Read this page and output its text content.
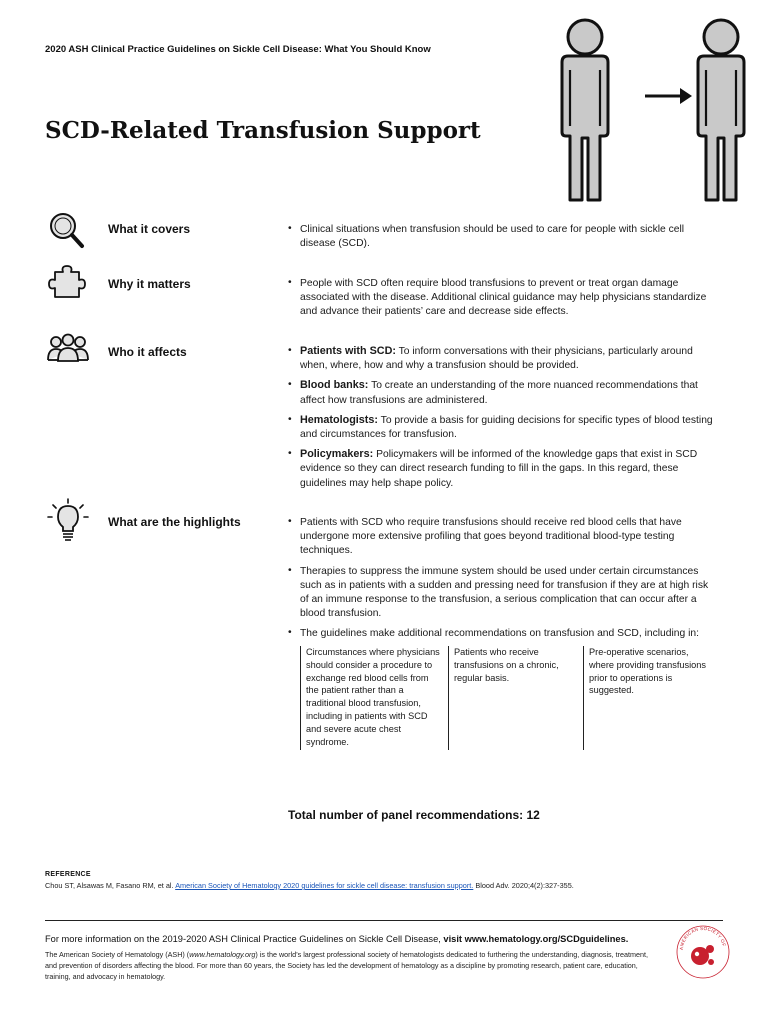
2020 ASH Clinical Practice Guidelines on Sickle Cell Disease: What You Should Know
SCD-Related Transfusion Support
What it covers	• Clinical situations when transfusion should be used to care for people with sickle cell disease (SCD).
Why it matters	• People with SCD often require blood transfusions to prevent or treat organ damage associated with the disease. Additional clinical guidance may help physicians standardize and advance their patients’ care and decrease side effects.
Who it affects	• Patients with SCD: To inform conversations with their physicians, particularly around when, where, how and why a transfusion should be provided.
• Blood banks: To create an understanding of the more nuanced recommendations that affect how transfusions are administered.
• Hematologists: To provide a basis for guiding decisions for specific types of blood testing and circumstances for transfusion.
• Policymakers: Policymakers will be informed of the knowledge gaps that exist in SCD evidence so they can direct research funding to fill in the gaps. In this regard, these guidelines may help shape policy.
What are the highlights	• Patients with SCD who require transfusions should receive red blood cells that have undergone more extensive profiling that goes beyond traditional blood-type testing techniques.
• Therapies to suppress the immune system should be used under certain circumstances such as in patients with a sudden and pressing need for transfusion if they are at high risk of an immune response to the transfusion, a serious complication that can occur after a blood transfusion.
• The guidelines make additional recommendations on transfusion and SCD, including in:
Circumstances where physicians should consider a procedure to exchange red blood cells from the patient rather than a traditional blood transfusion, including in patients with SCD and severe acute chest syndrome.
Patients who receive transfusions on a chronic, regular basis.
Pre-operative scenarios, where providing transfusions prior to operations is suggested.
Total number of panel recommendations: 12
REFERENCE
Chou ST, Alsawas M, Fasano RM, et al. American Society of Hematology 2020 guidelines for sickle cell disease: transfusion support. Blood Adv. 2020;4(2):327-355.
For more information on the 2019-2020 ASH Clinical Practice Guidelines on Sickle Cell Disease, visit www.hematology.org/SCDguidelines.
The American Society of Hematology (ASH) (www.hematology.org) is the world’s largest professional society of hematologists dedicated to furthering the understanding, diagnosis, treatment, and prevention of disorders affecting the blood. For more than 60 years, the Society has led the development of hematology as a discipline by promoting research, patient care, education, training, and advocacy in hematology.
AMERICAN SOCIETY OF
